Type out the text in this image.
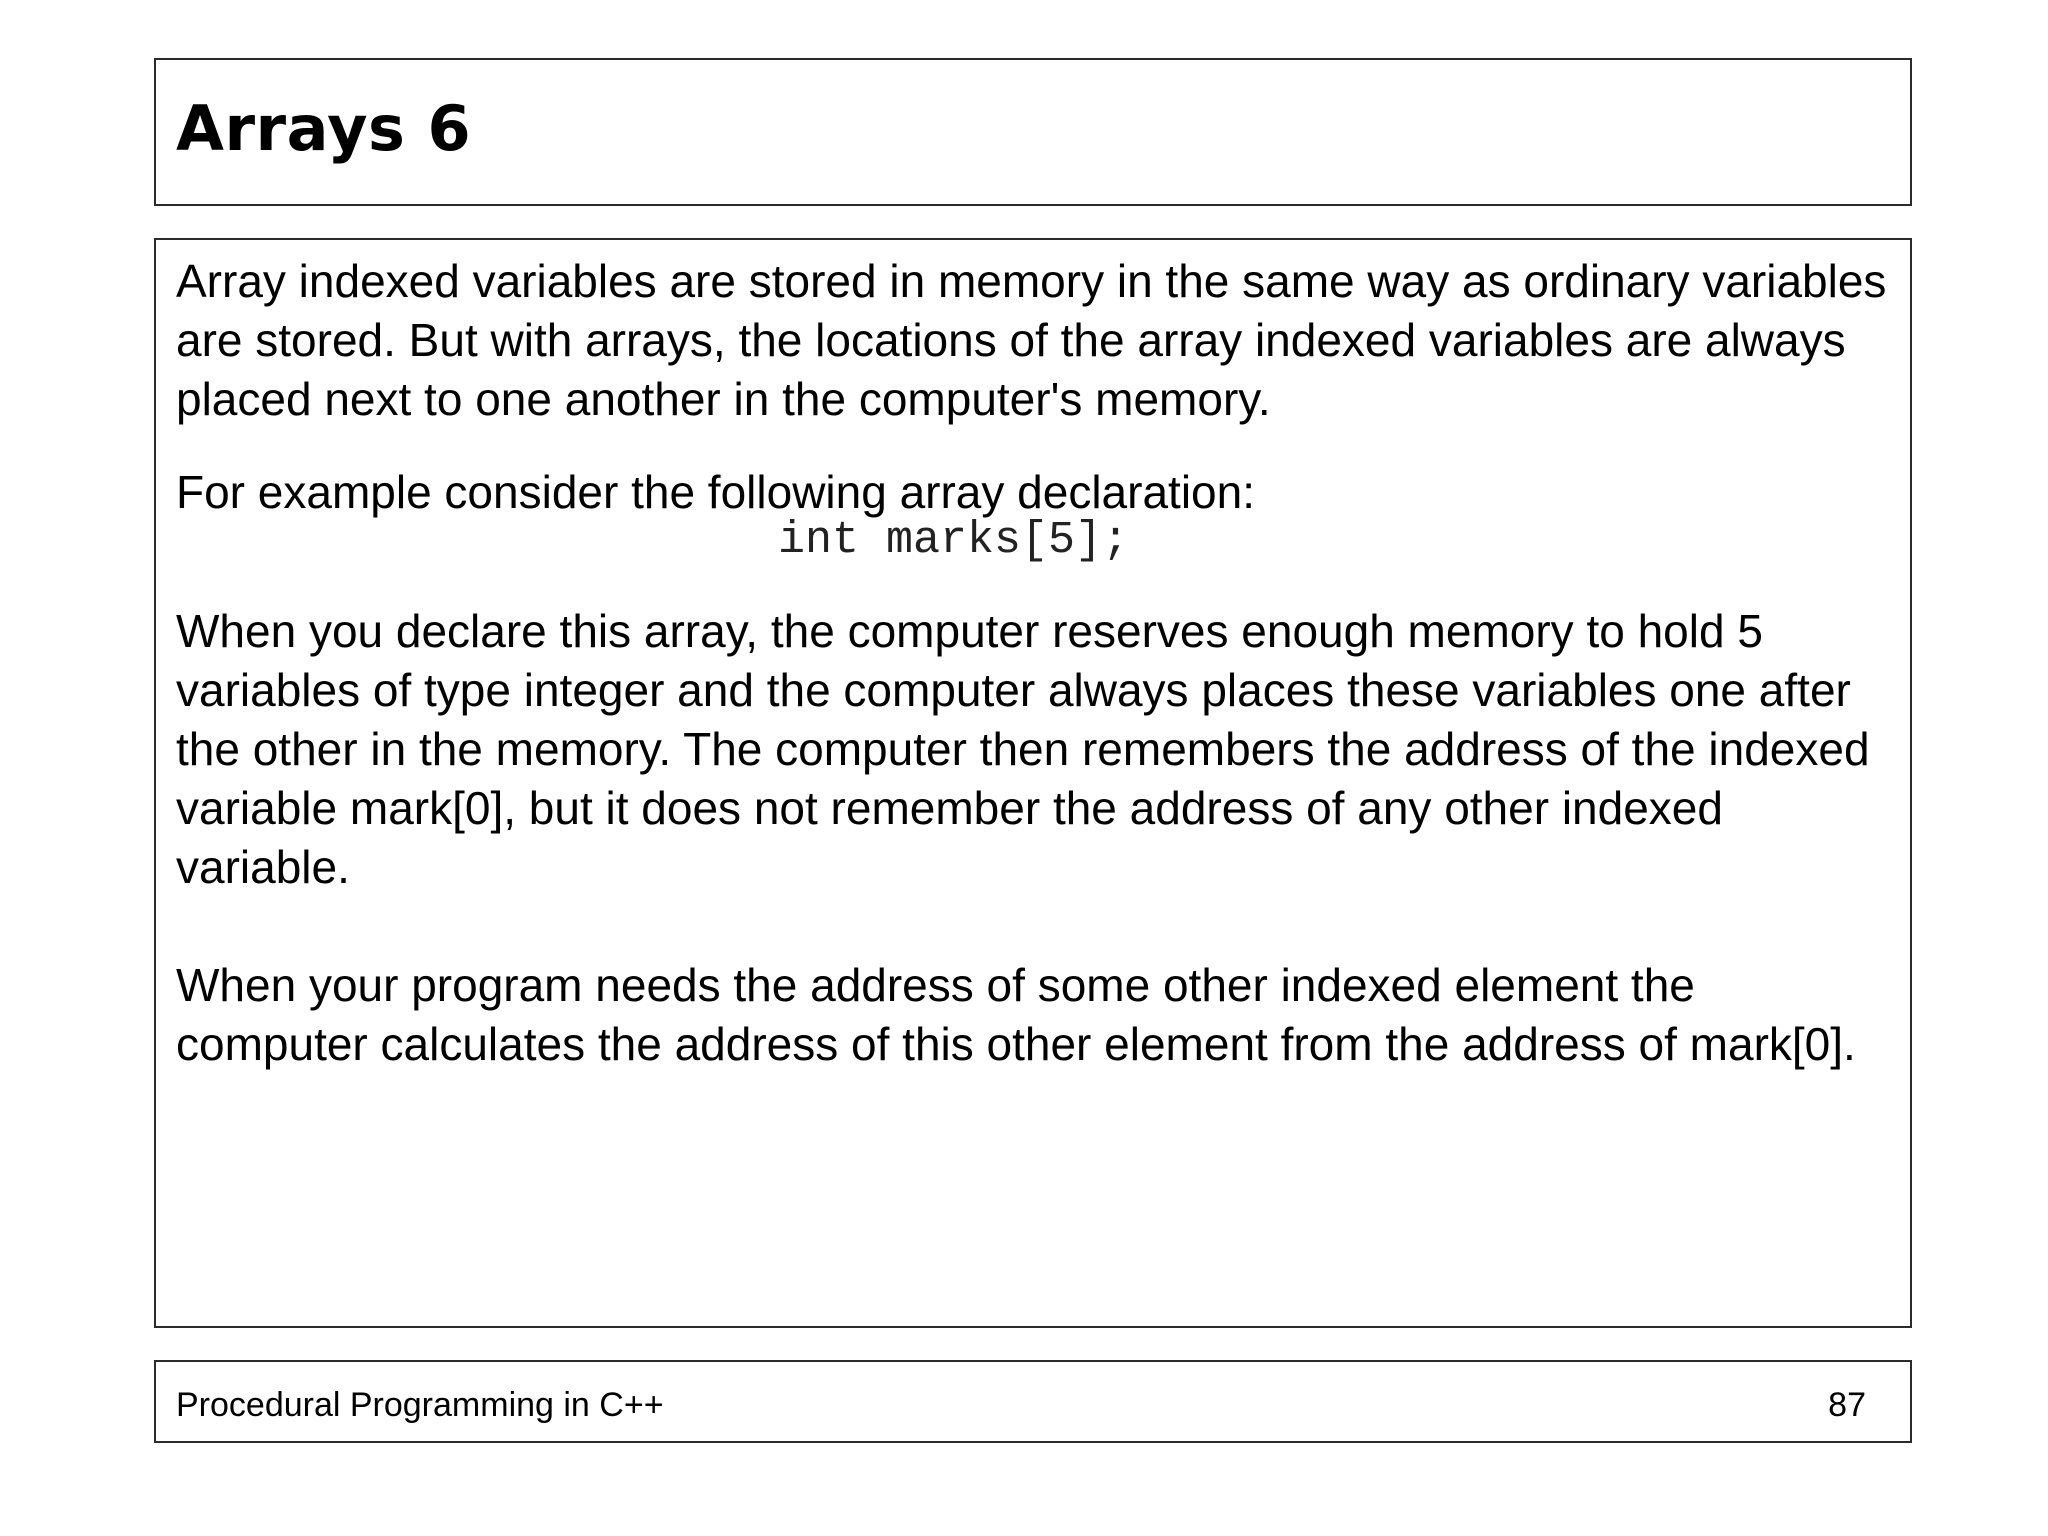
Arrays 6

Array indexed variables are stored in memory in the same way as ordinary variables are stored. But with arrays, the locations of the array indexed variables are always placed next to one another in the computer's memory.

For example consider the following array declaration:

int marks[5];

When you declare this array, the computer reserves enough memory to hold 5 variables of type integer and the computer always places these variables one after the other in the memory. The computer then remembers the address of the indexed variable mark[0], but it does not remember the address of any other indexed variable.

When your program needs the address of some other indexed element the computer calculates the address of this other element from the address of mark[0].

Procedural Programming in C++	87
